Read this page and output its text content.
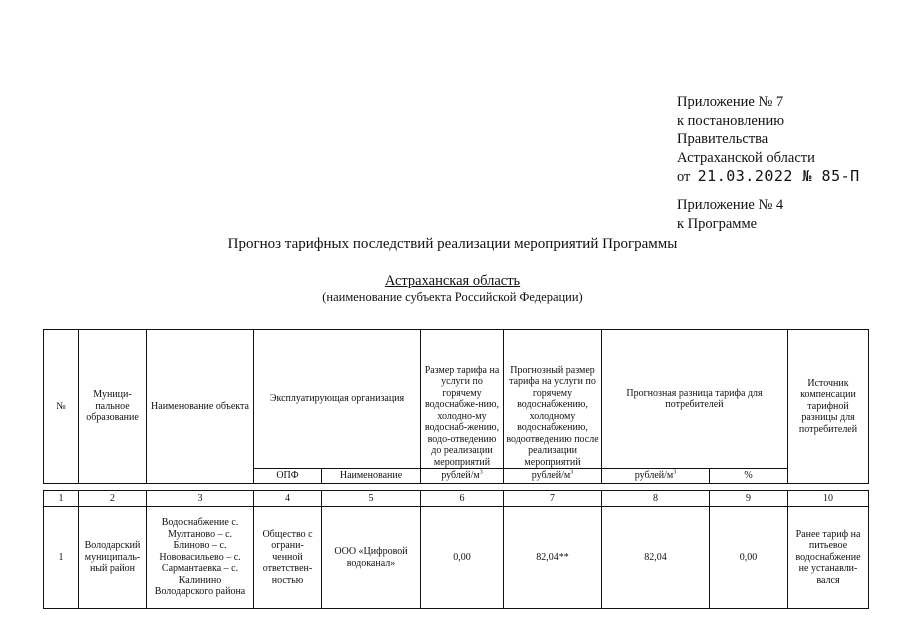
Приложение № 7
к постановлению
Правительства
Астраханской области
от 21.03.2022 № 85-П
Приложение № 4
к Программе
Прогноз тарифных последствий реализации мероприятий Программы
Астраханская область
(наименование субъекта Российской Федерации)
№	Муници-пальное образование	Наименование объекта	Эксплуатирующая организация		Размер тарифа на услуги по горячему водоснабже-нию, холодно-му водоснаб-жению, водо-отведению до реализации мероприятий	Прогнозный размер тарифа на услуги по горячему водоснабжению, холодному водоснабжению, водоотведению после реализации мероприятий	Прогнозная разница тарифа для потребителей		Источник компенсации тарифной разницы для потребителей
			ОПФ	Наименование	рублей/$м^3$	рублей/$м^3$	рублей/$м^3$	%	

1	2	3	4	5	6	7	8	9	10
1	Володарский муниципаль-ный район	Водоснабжение с. Мултаново – с. Блиново – с. Нововасильево – с. Сармантаевка – с. Калинино Володарского района	Общество с ограни-ченной ответствен-ностью	ООО «Цифровой водоканал»	0,00	82,04**	82,04	0,00	Ранее тариф на питьевое водоснабжение не устанавли-вался
